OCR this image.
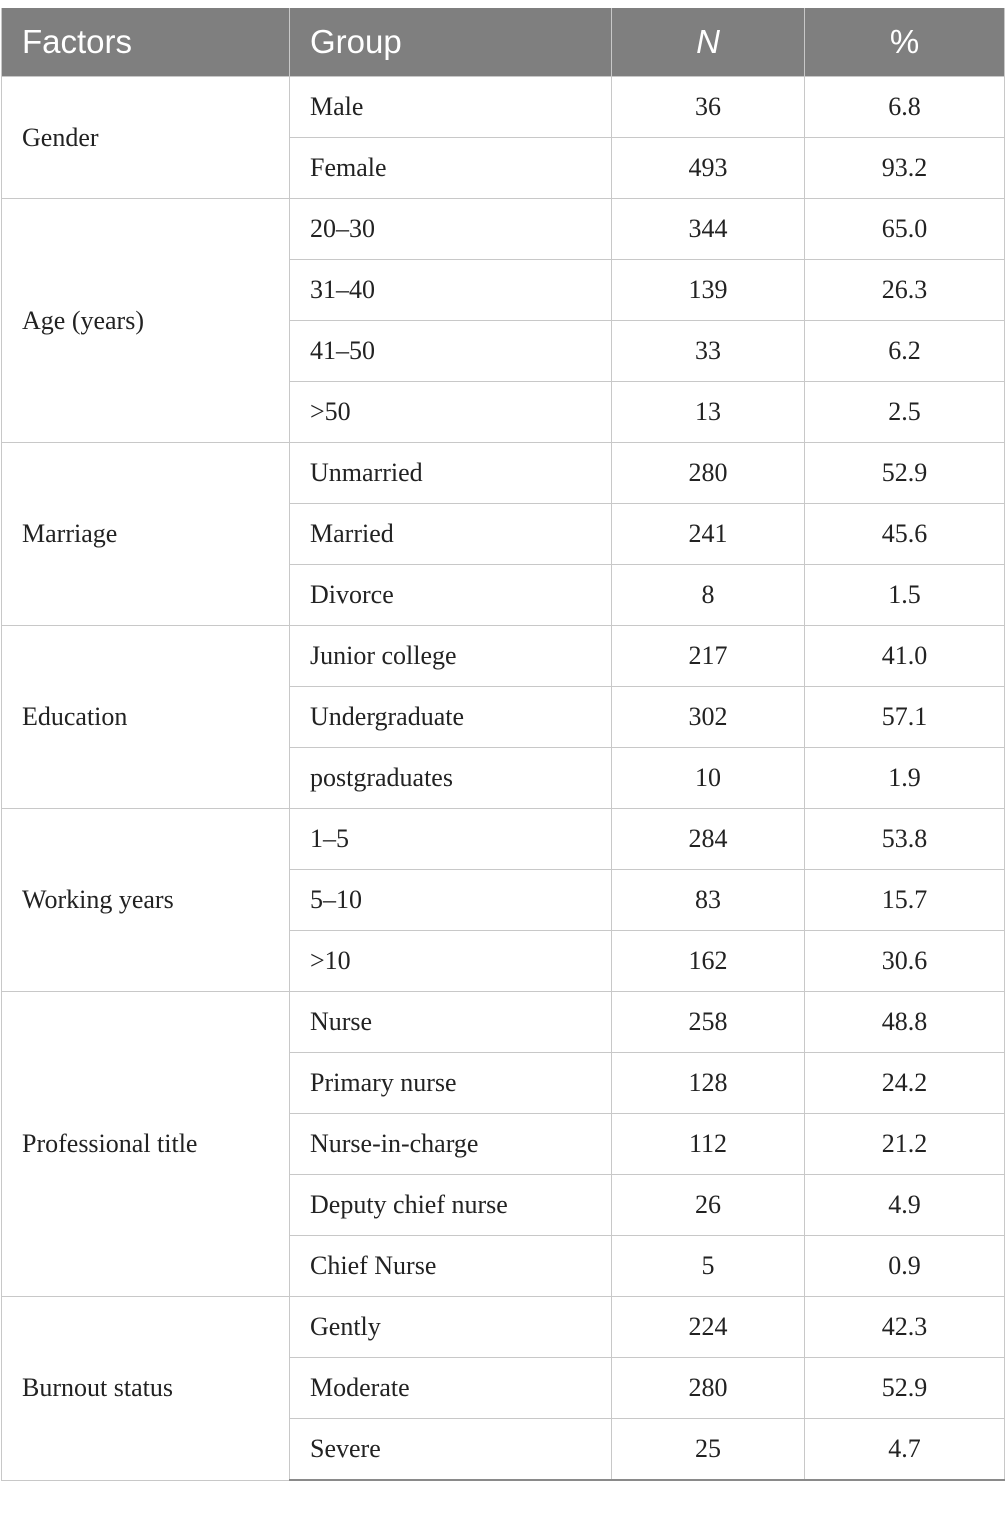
Factors	Group	N	%
Gender	Male	36	6.8
	Female	493	93.2
Age (years)	20–30	344	65.0
	31–40	139	26.3
	41–50	33	6.2
	>50	13	2.5
Marriage	Unmarried	280	52.9
	Married	241	45.6
	Divorce	8	1.5
Education	Junior college	217	41.0
	Undergraduate	302	57.1
	postgraduates	10	1.9
Working years	1–5	284	53.8
	5–10	83	15.7
	>10	162	30.6
Professional title	Nurse	258	48.8
	Primary nurse	128	24.2
	Nurse-in-charge	112	21.2
	Deputy chief nurse	26	4.9
	Chief Nurse	5	0.9
Burnout status	Gently	224	42.3
	Moderate	280	52.9
	Severe	25	4.7
